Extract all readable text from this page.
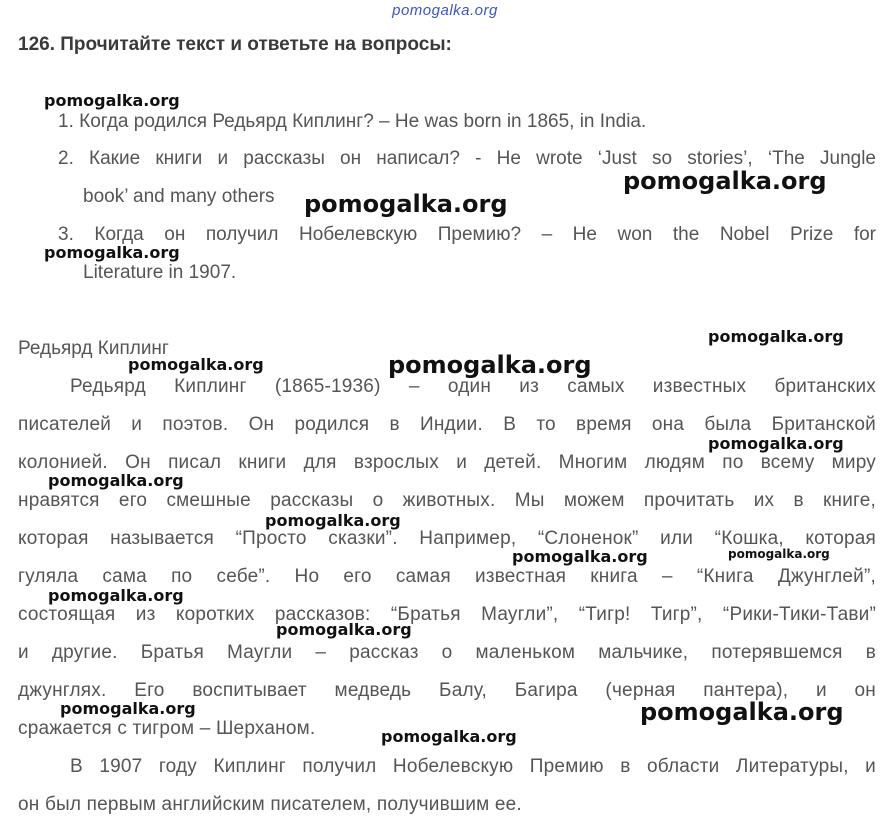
pomogalka.org
126. Прочитайте текст и ответьте на вопросы:
1. Когда родился Редьярд Киплинг? – He was born in 1865, in India.
2. Какие книги и рассказы он написал? - He wrote ‘Just so stories’, ‘The Jungle
book’ and many others
3. Когда он получил Нобелевскую Премию? – He won the Nobel Prize for
Literature in 1907.
Редьярд Киплинг
Редьярд Киплинг (1865-1936) – один из самых известных британских
писателей и поэтов. Он родился в Индии. В то время она была Британской
колонией. Он писал книги для взрослых и детей. Многим людям по всему миру
нравятся его смешные рассказы о животных. Мы можем прочитать их в книге,
которая называется “Просто сказки”. Например, “Слоненок” или “Кошка, которая
гуляла сама по себе”. Но его самая известная книга – “Книга Джунглей”,
состоящая из коротких рассказов: “Братья Маугли”, “Тигр! Тигр”, “Рики-Тики-Тави”
и другие. Братья Маугли – рассказ о маленьком мальчике, потерявшемся в
джунглях. Его воспитывает медведь Балу, Багира (черная пантера), и он
сражается с тигром – Шерханом.
В 1907 году Киплинг получил Нобелевскую Премию в области Литературы, и
он был первым английским писателем, получившим ее.
pomogalka.org
pomogalka.org
pomogalka.org
pomogalka.org
pomogalka.org
pomogalka.org
pomogalka.org
pomogalka.org
pomogalka.org
pomogalka.org
pomogalka.org	pomogalka.org
pomogalka.org
pomogalka.org
pomogalka.org	pomogalka.org
pomogalka.org
